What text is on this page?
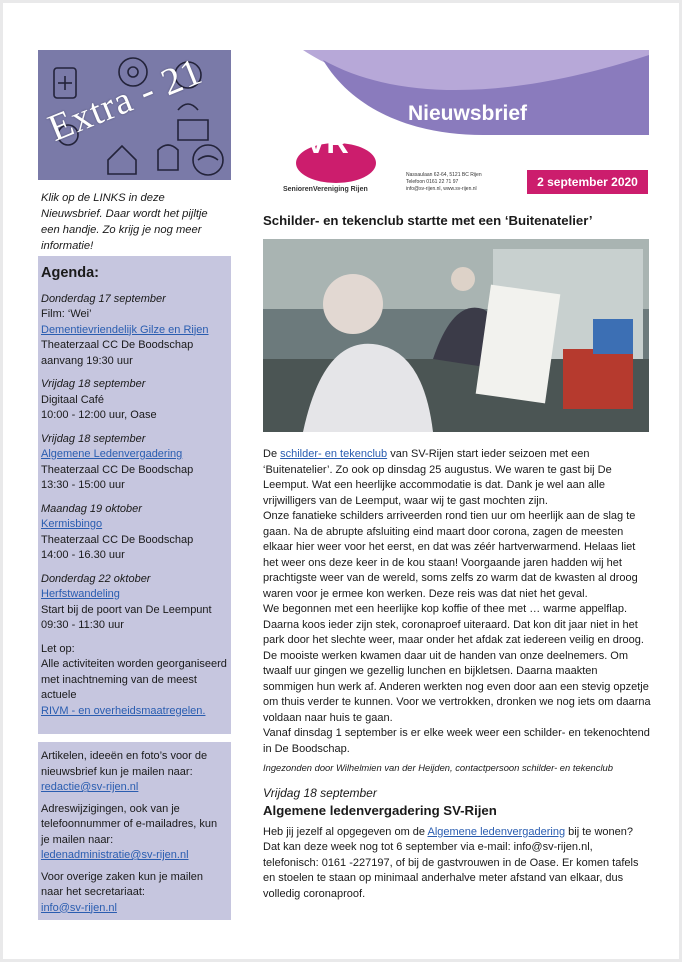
Extra - 21
Klik op de LINKS in deze Nieuwsbrief. Daar wordt het pijltje een handje. Zo krijg je nog meer informatie!
Agenda:
Donderdag 17 september
Film: ‘Wei’
Dementievriendelijk Gilze en Rijen
Theaterzaal CC De Boodschap
aanvang 19:30 uur
Vrijdag 18 september
Digitaal Café
10:00 - 12:00 uur, Oase
Vrijdag 18 september
Algemene Ledenvergadering
Theaterzaal CC De Boodschap
13:30 - 15:00 uur
Maandag 19 oktober
Kermisbingo
Theaterzaal CC De Boodschap
14:00 - 16.30 uur
Donderdag 22 oktober
Herfstwandeling
Start bij de poort van De Leempunt
09:30 - 11:30 uur
Let op:
Alle activiteiten worden georganiseerd met inachtneming van de meest actuele
RIVM - en overheidsmaatregelen.

Artikelen, ideeën en foto’s voor de nieuwsbrief kun je mailen naar:
redactie@sv-rijen.nl

Adreswijzigingen, ook van je telefoonnummer of e-mailadres, kun je mailen naar:
ledenadministratie@sv-rijen.nl

Voor overige zaken kun je mailen naar het secretariaat:
info@sv-rijen.nl

Nieuwsbrief
SVR
SeniorenVereniging Rijen
Nassaulaan 62-64, 5121 BC Rijen
Telefoon 0161 22 71 97
info@sv-rijen.nl, www.sv-rijen.nl	2 september 2020
Schilder- en tekenclub startte met een ‘Buitenatelier’

De schilder- en tekenclub van SV-Rijen start ieder seizoen met een ‘Buitenatelier’. Zo ook op dinsdag 25 augustus. We waren te gast bij De Leemput. Wat een heerlijke accommodatie is dat. Dank je wel aan alle vrijwilligers van de Leemput, waar wij te gast mochten zijn.

Onze fanatieke schilders arriveerden rond tien uur om heerlijk aan de slag te gaan. Na de abrupte afsluiting eind maart door corona, zagen de meesten elkaar hier weer voor het eerst, en dat was zéér hartverwarmend. Helaas liet het weer ons deze keer in de kou staan! Voorgaande jaren hadden wij het prachtigste weer van de wereld, soms zelfs zo warm dat de kwasten al droog waren voor je ermee kon werken. Deze reis was dat niet het geval.

We begonnen met een heerlijke kop koffie of thee met … warme appelflap. Daarna koos ieder zijn stek, coronaproef uiteraard. Dat kon dit jaar niet in het park door het slechte weer, maar onder het afdak zat iedereen veilig en droog. De mooiste werken kwamen daar uit de handen van onze deelnemers. Om twaalf uur gingen we gezellig lunchen en bijkletsen. Daarna maakten sommigen hun werk af. Anderen werkten nog even door aan een stevig opzetje om thuis verder te kunnen. Voor we vertrokken, dronken we nog iets om daarna voldaan naar huis te gaan.

Vanaf dinsdag 1 september is er elke week weer een schilder- en tekenochtend in De Boodschap.

Ingezonden door Wilhelmien van der Heijden, contactpersoon schilder- en tekenclub
Vrijdag 18 september
Algemene ledenvergadering SV-Rijen

Heb jij jezelf al opgegeven om de Algemene ledenvergadering bij te wonen? Dat kan deze week nog tot 6 september via e-mail: info@sv-rijen.nl, telefonisch: 0161 -227197, of bij de gastvrouwen in de Oase. Er komen tafels en stoelen te staan op minimaal anderhalve meter afstand van elkaar, dus volledig coronaproof.
